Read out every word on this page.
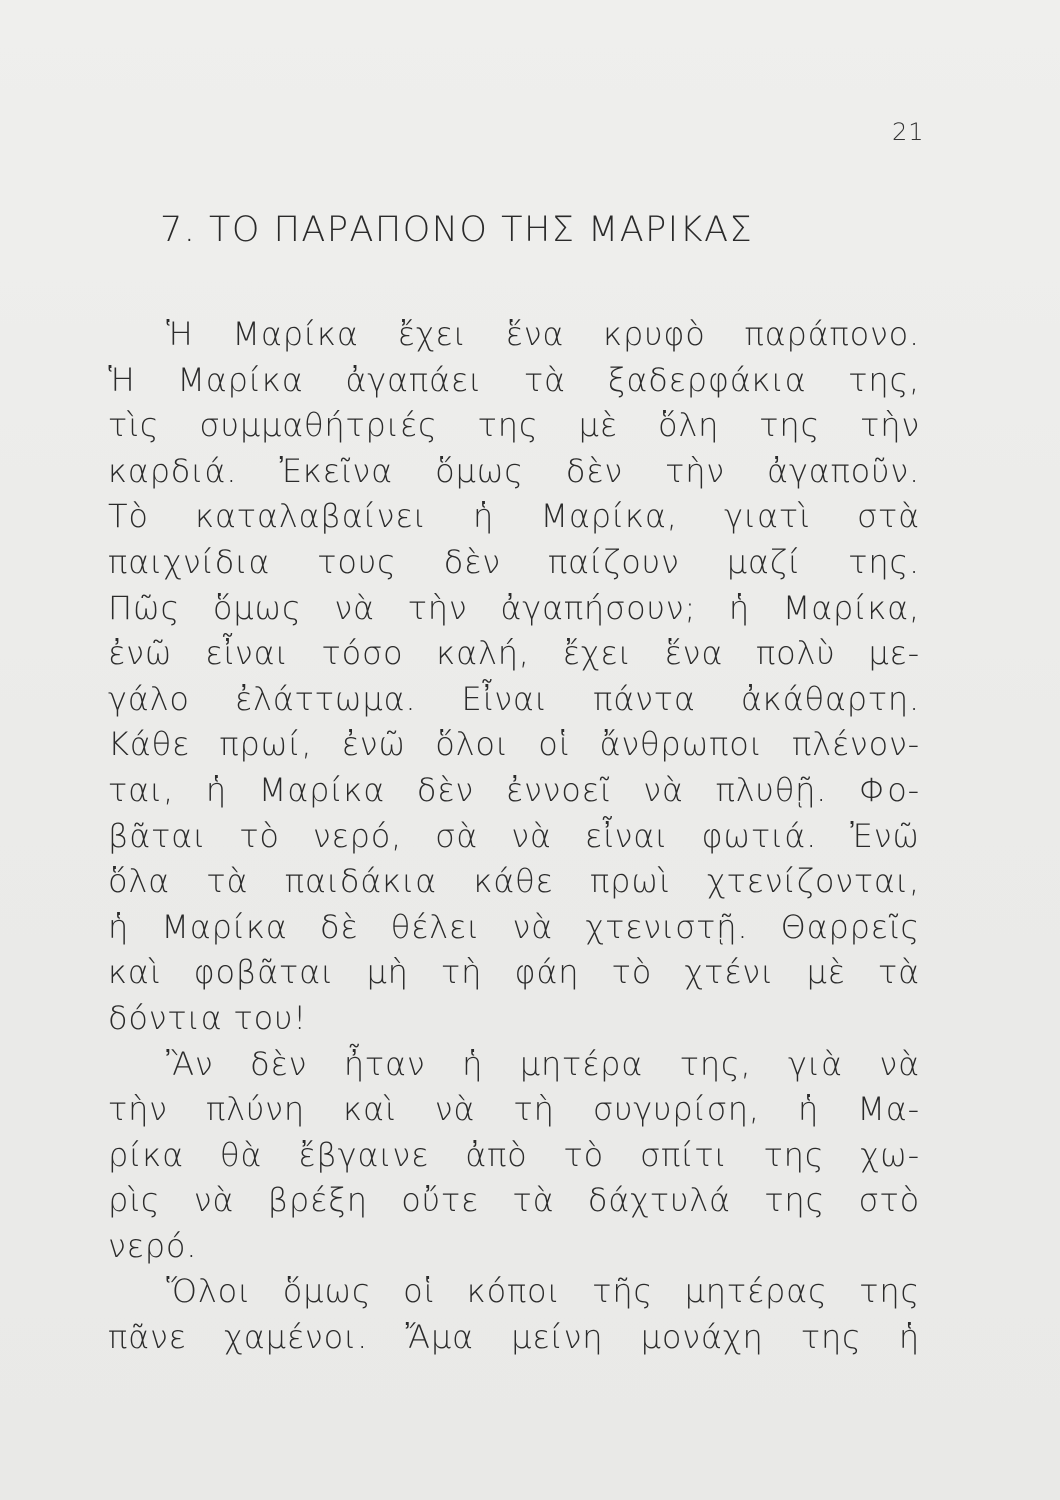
21
7. ΤΟ ΠΑΡΑΠΟΝΟ ΤΗΣ ΜΑΡΙΚΑΣ
Ἡ Μαρίκα ἔχει ἕνα κρυφὸ παράπονο.
Ἡ Μαρίκα ἀγαπάει τὰ ξαδερφάκια της,
τὶς συμμαθήτριές της μὲ ὅλη της τὴν
καρδιά. Ἐκεῖνα ὅμως δὲν τὴν ἀγαποῦν.
Τὸ καταλαβαίνει ἡ Μαρίκα, γιατὶ στὰ
παιχνίδια τους δὲν παίζουν μαζί της.
Πῶς ὅμως νὰ τὴν ἀγαπήσουν; ἡ Μαρίκα,
ἐνῶ εἶναι τόσο καλή, ἔχει ἕνα πολὺ με-
γάλο ἐλάττωμα. Εἶναι πάντα ἀκάθαρτη.
Κάθε πρωί, ἐνῶ ὅλοι οἱ ἄνθρωποι πλένον-
ται, ἡ Μαρίκα δὲν ἐννοεῖ νὰ πλυθῇ. Φο-
βᾶται τὸ νερό, σὰ νὰ εἶναι φωτιά. Ἐνῶ
ὅλα τὰ παιδάκια κάθε πρωὶ χτενίζονται,
ἡ Μαρίκα δὲ θέλει νὰ χτενιστῇ. Θαρρεῖς
καὶ φοβᾶται μὴ τὴ φάη τὸ χτένι μὲ τὰ
δόντια του!
Ἂν δὲν ἦταν ἡ μητέρα της, γιὰ νὰ
τὴν πλύνη καὶ νὰ τὴ συγυρίση, ἡ Μα-
ρίκα θὰ ἔβγαινε ἀπὸ τὸ σπίτι της χω-
ρὶς νὰ βρέξη οὔτε τὰ δάχτυλά της στὸ
νερό.
Ὅλοι ὅμως οἱ κόποι τῆς μητέρας της
πᾶνε χαμένοι. Ἄμα μείνη μονάχη της ἡ
